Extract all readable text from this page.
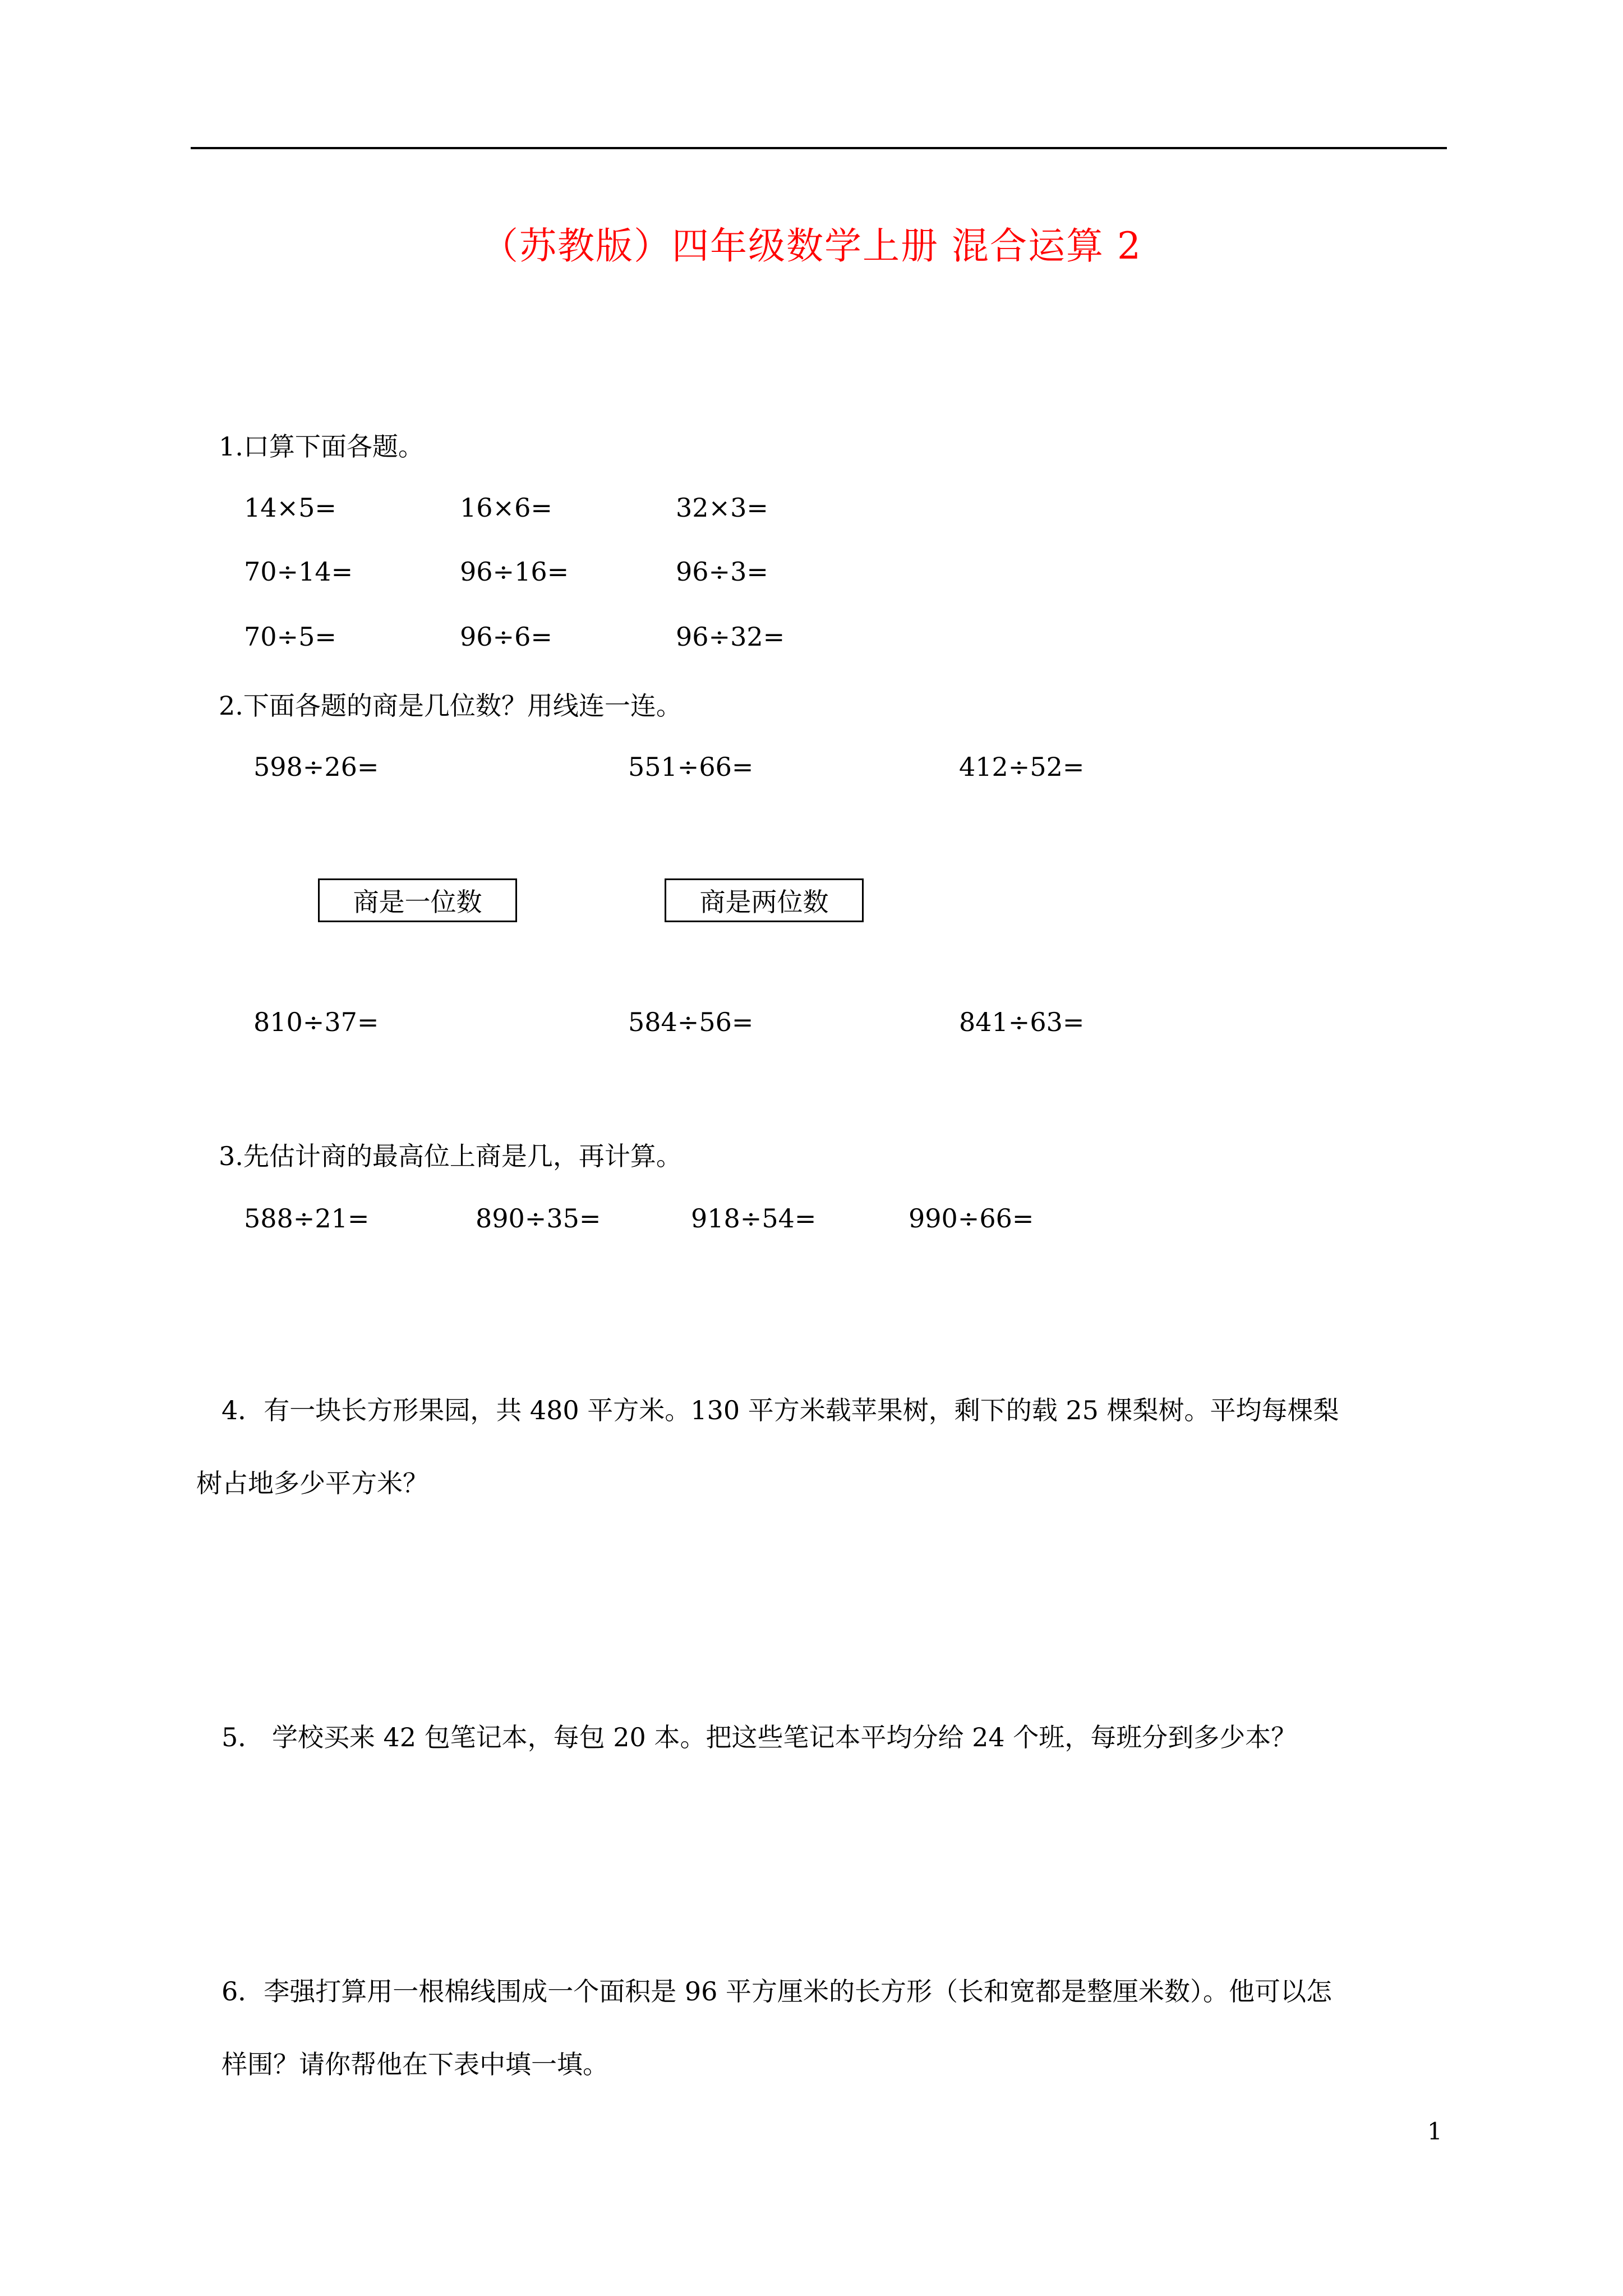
（苏教版）四年级数学上册 混合运算 2
1.口算下面各题。
14×5=	16×6=	32×3=
70÷14=	96÷16=	96÷3=
70÷5=	96÷6=	96÷32=
2.下面各题的商是几位数？用线连一连。
598÷26=	551÷66=	412÷52=
商是一位数	商是两位数
810÷37=	584÷56=	841÷63=
3.先估计商的最高位上商是几，再计算。
588÷21=	890÷35=	918÷54=	990÷66=
4．有一块长方形果园，共 480 平方米。130 平方米载苹果树，剩下的载 25 棵梨树。平均每棵梨
树占地多少平方米？
5． 学校买来 42 包笔记本，每包 20 本。把这些笔记本平均分给 24 个班，每班分到多少本？
6．李强打算用一根棉线围成一个面积是 96 平方厘米的长方形（长和宽都是整厘米数）。他可以怎
样围？请你帮他在下表中填一填。
1
